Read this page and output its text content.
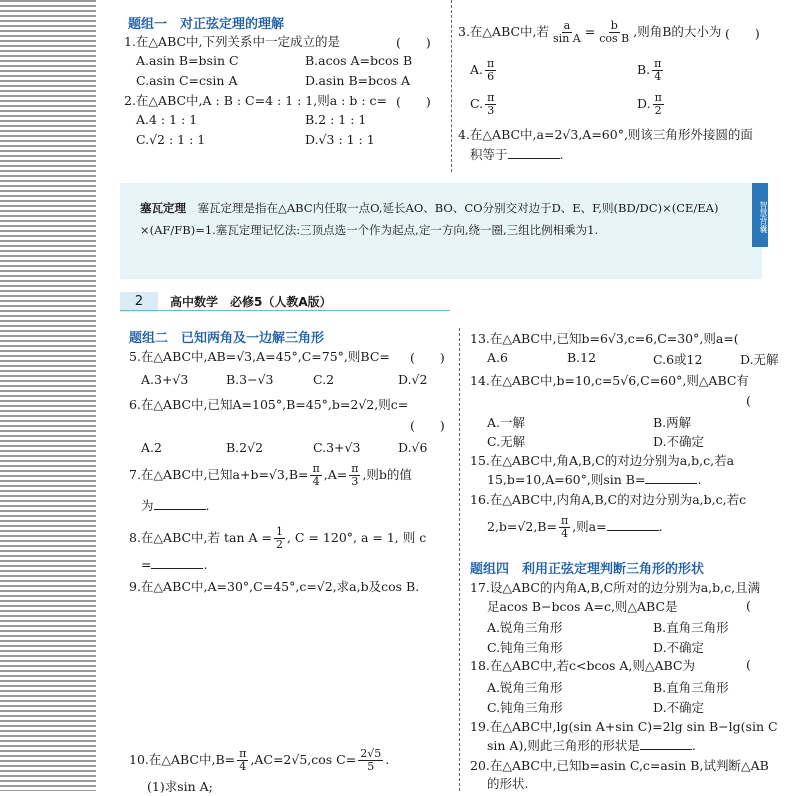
题组一　对正弦定理的理解
1.在△ABC中,下列关系中一定成立的是	(　　)
A.asin B=bsin C	B.acos A=bcos B
C.asin C=csin A	D.asin B=bcos A
2.在△ABC中,A : B : C=4 : 1 : 1,则a : b : c= (　　)
A.4 : 1 : 1	B.2 : 1 : 1
C.√2 : 1 : 1	D.√3 : 1 : 1
3.在△ABC中,若 $\frac{a}{\text{sin A}} = \frac{b}{\text{cos B}}$ ,则角B的大小为 (　　)
A. $\frac{\pi}{6}$	B. $\frac{\pi}{4}$
C. $\frac{\pi}{3}$	D. $\frac{\pi}{2}$
4.在△ABC中,a=2√3,A=60°,则该三角形外接圆的面
积等于	.
塞瓦定理　 塞瓦定理是指在△ABC内任取一点O,延长AO、BO、CO分别交对边于D、E、F,则(BD/DC)×(CE/EA)
×(AF/FB)=1.塞瓦定理记忆法:三顶点选一个作为起点,定一方向,绕一圈,三组比例相乘为1.	智慧背囊
2	高中数学　必修5（人教A版）
题组二　已知两角及一边解三角形
5.在△ABC中,AB=√3,A=45°,C=75°,则BC= (　　)
A.3+√3	B.3−√3	C.2	D.√2
6.在△ABC中,已知A=105°,B=45°,b=2√2,则c=
(　　)
A.2	B.2√2	C.3+√3	D.√6
7.在△ABC中,已知$a+b=√3,B= \frac{\pi}{4} ,A= \frac{\pi}{3}$ ,则b的值
为	.
8.在△ABC中,若 $\tan A = \frac{1}{2}$ , C = 120°, a = 1, 则 c
=	.
9.在△ABC中,A=30°,C=45°,c=√2,求a,b及cos B.
10.在△ABC中$,B= \frac{\pi}{4} ,AC=2√5,\cos$ $C= \frac{2√5}{5}$ .
(1)求sin A;
13.在△ABC中,已知b=6√3,c=6,C=30°,则a=(
A.6	B.12	C.6或12	D.无解
14.在△ABC中,b=10,c=5√6,C=60°,则△ABC有
(
A.一解	B.两解
C.无解	D.不确定
15.在△ABC中,角A,B,C的对边分别为a,b,c,若a
15,b=10,A=60°,则sin B=	.
16.在△ABC中,内角A,B,C的对边分别为a,b,c,若c
$2,b=√2,B= \frac{\pi}{4}$ ,则a=	.
题组四　利用正弦定理判断三角形的形状
17.设△ABC的内角A,B,C所对的边分别为a,b,c,且满
足acos B−bcos A=c,则△ABC是	(
A.锐角三角形	B.直角三角形
C.钝角三角形	D.不确定
18.在△ABC中,若c<bcos A,则△ABC为	(
A.锐角三角形	B.直角三角形
C.钝角三角形	D.不确定
19.在△ABC中,lg(sin A+sin C)=2lg sin B−lg(sin C
sin A),则此三角形的形状是	.
20.在△ABC中,已知b=asin C,c=asin B,试判断△AB
的形状.
